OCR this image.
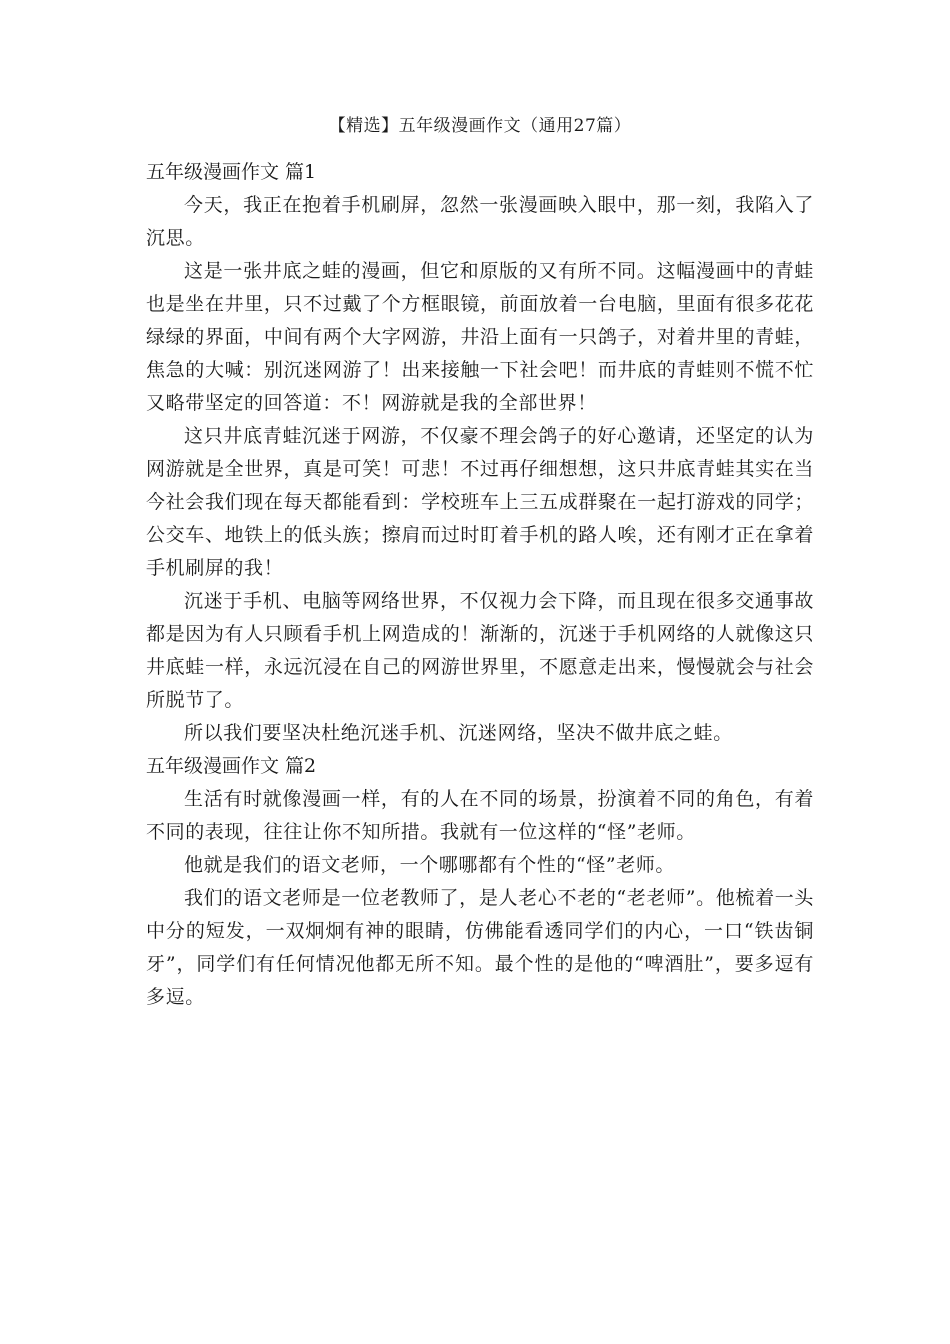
【精选】五年级漫画作文（通用27篇）
五年级漫画作文 篇1

今天，我正在抱着手机刷屏，忽然一张漫画映入眼中，那一刻，我陷入了沉思。

这是一张井底之蛙的漫画，但它和原版的又有所不同。这幅漫画中的青蛙也是坐在井里，只不过戴了个方框眼镜，前面放着一台电脑，里面有很多花花绿绿的界面，中间有两个大字网游，井沿上面有一只鸽子，对着井里的青蛙，焦急的大喊：别沉迷网游了！出来接触一下社会吧！而井底的青蛙则不慌不忙又略带坚定的回答道：不！网游就是我的全部世界！

这只井底青蛙沉迷于网游，不仅豪不理会鸽子的好心邀请，还坚定的认为网游就是全世界，真是可笑！可悲！不过再仔细想想，这只井底青蛙其实在当今社会我们现在每天都能看到：学校班车上三五成群聚在一起打游戏的同学；公交车、地铁上的低头族；擦肩而过时盯着手机的路人唉，还有刚才正在拿着手机刷屏的我！

沉迷于手机、电脑等网络世界，不仅视力会下降，而且现在很多交通事故都是因为有人只顾看手机上网造成的！渐渐的，沉迷于手机网络的人就像这只井底蛙一样，永远沉浸在自己的网游世界里，不愿意走出来，慢慢就会与社会所脱节了。

所以我们要坚决杜绝沉迷手机、沉迷网络，坚决不做井底之蛙。

五年级漫画作文 篇2

生活有时就像漫画一样，有的人在不同的场景，扮演着不同的角色，有着不同的表现，往往让你不知所措。我就有一位这样的“怪”老师。

他就是我们的语文老师，一个哪哪都有个性的“怪”老师。

我们的语文老师是一位老教师了，是人老心不老的“老老师”。他梳着一头中分的短发，一双炯炯有神的眼睛，仿佛能看透同学们的内心，一口“铁齿铜牙”，同学们有任何情况他都无所不知。最个性的是他的“啤酒肚”，要多逗有多逗。
